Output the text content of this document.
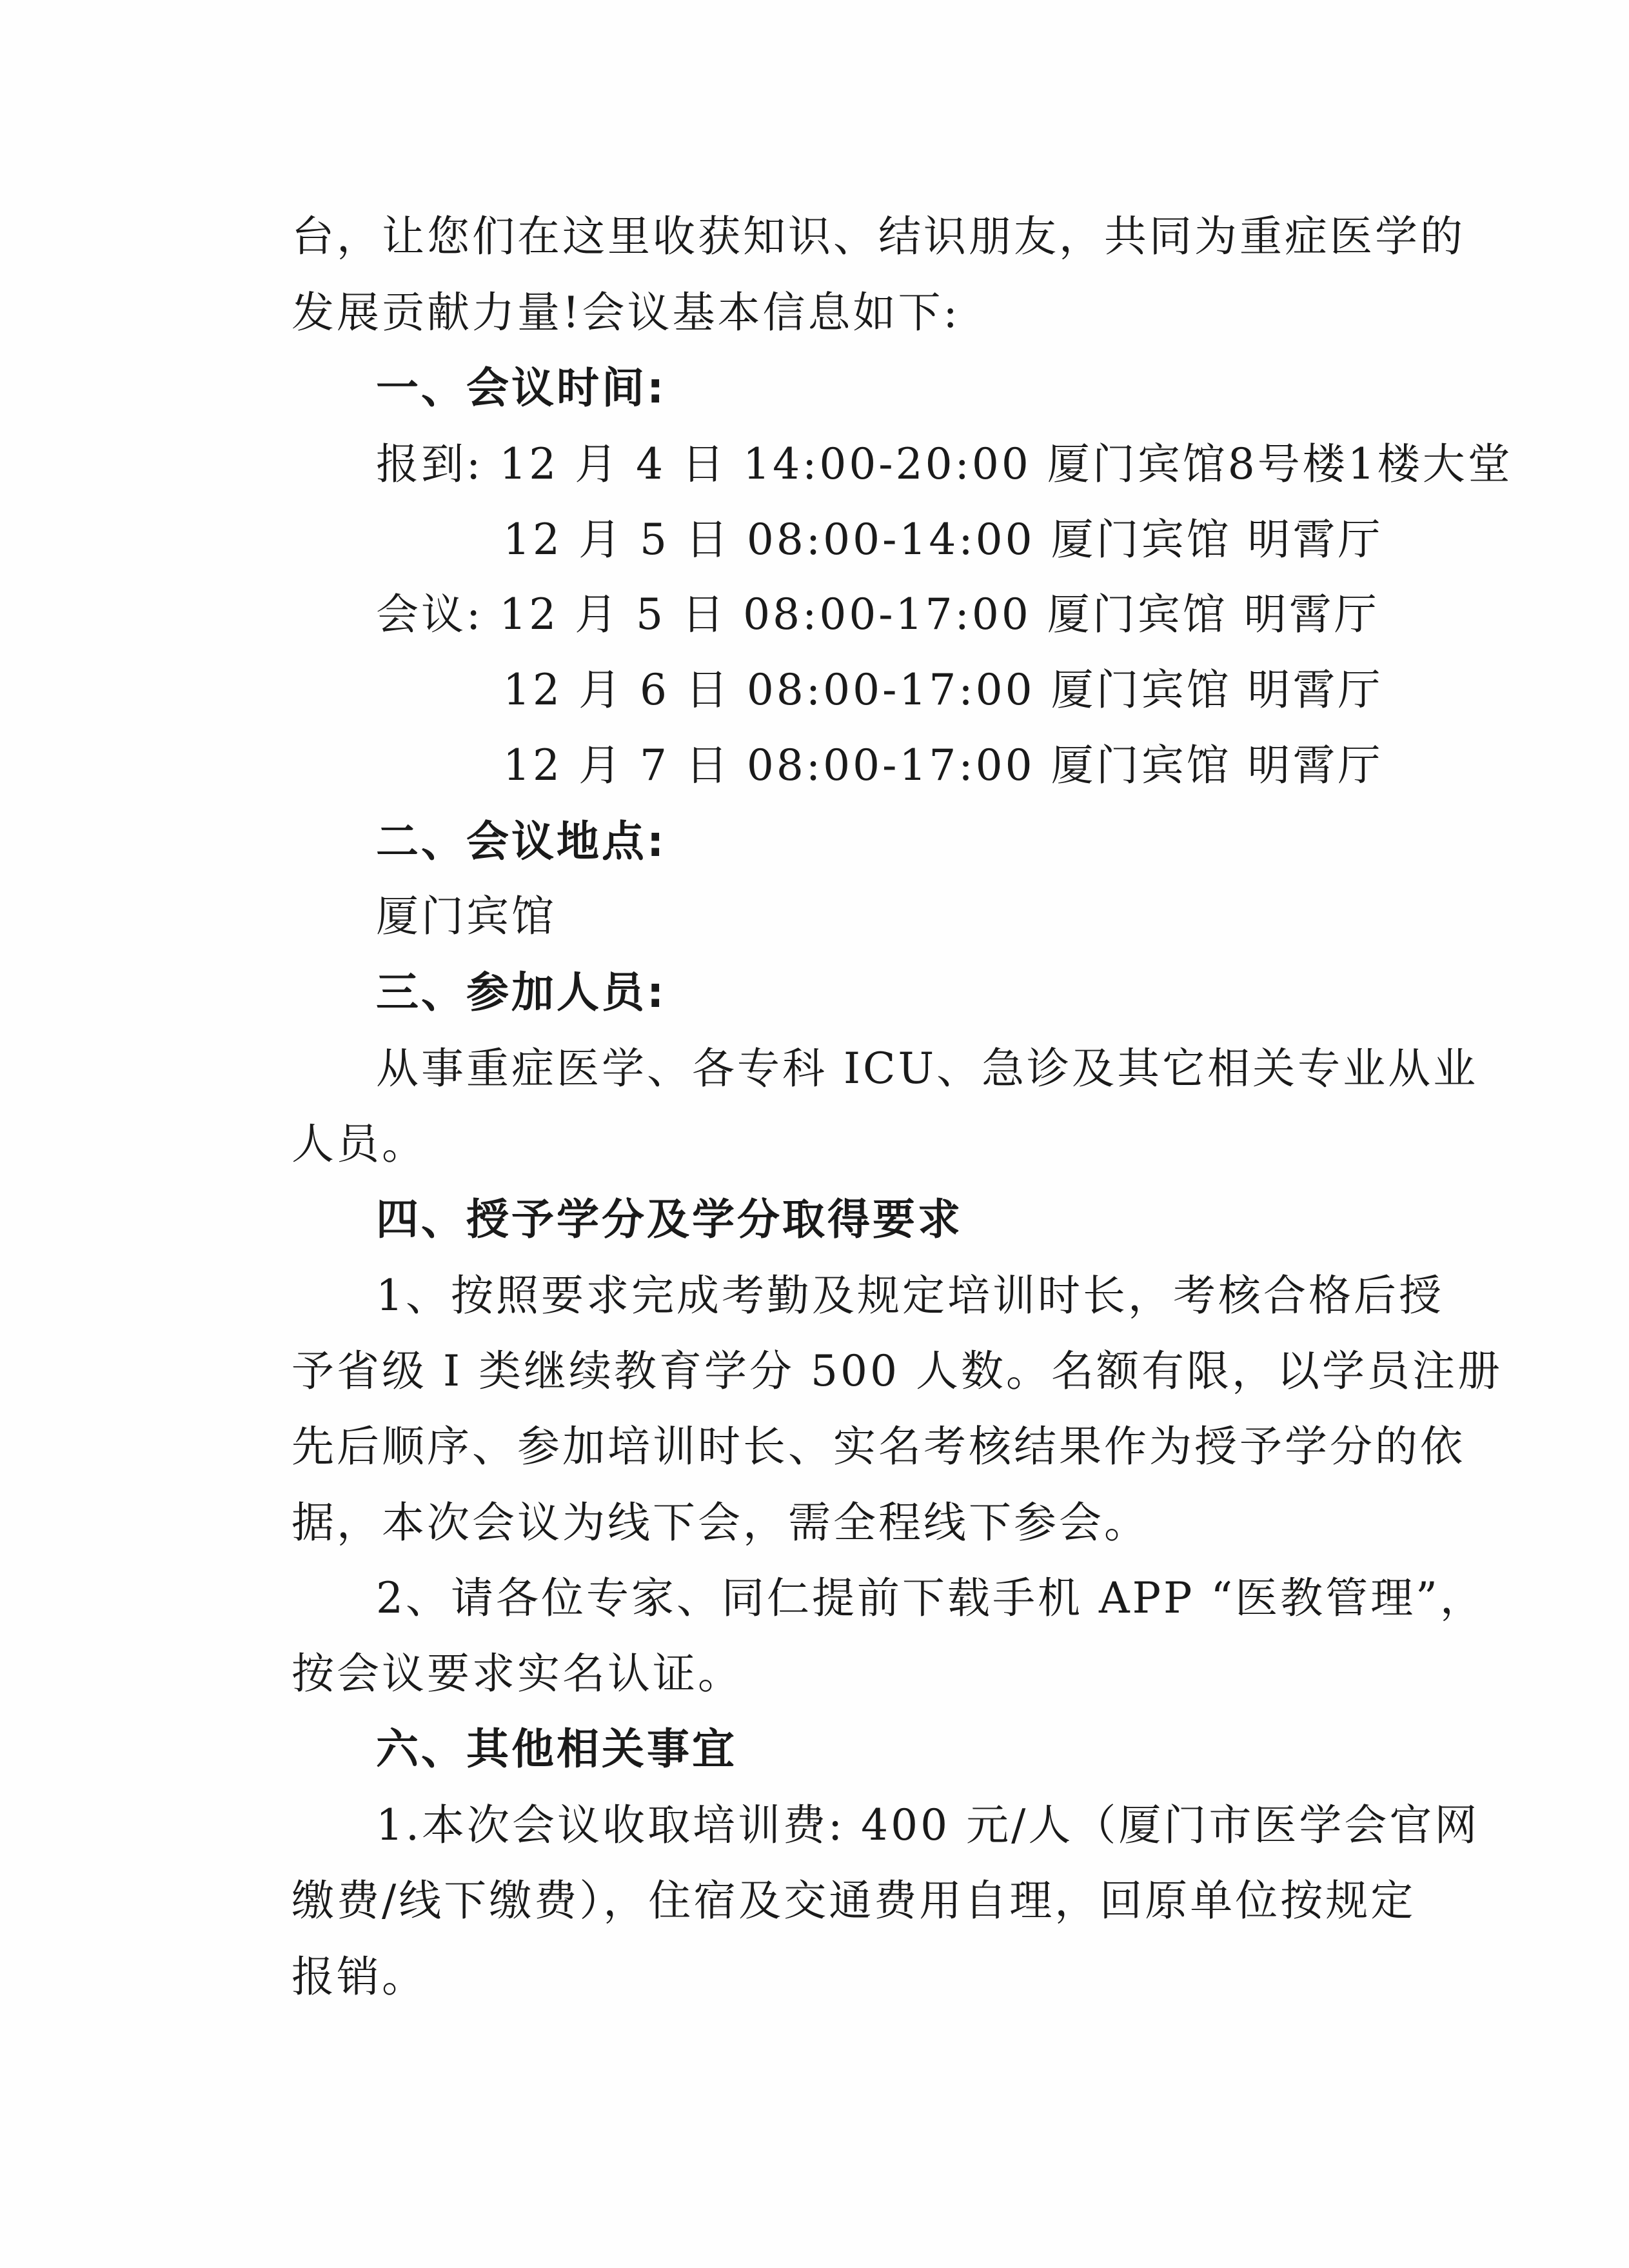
台，让您们在这里收获知识、结识朋友，共同为重症医学的
发展贡献力量!会议基本信息如下:
一、会议时间:
报到: 12 月 4 日 14:00-20:00 厦门宾馆8号楼1楼大堂
12 月 5 日 08:00-14:00 厦门宾馆 明霄厅
会议: 12 月 5 日 08:00-17:00 厦门宾馆 明霄厅
12 月 6 日 08:00-17:00 厦门宾馆 明霄厅
12 月 7 日 08:00-17:00 厦门宾馆 明霄厅
二、会议地点:
厦门宾馆
三、参加人员:
从事重症医学、各专科 ICU、急诊及其它相关专业从业
人员。
四、授予学分及学分取得要求
1、按照要求完成考勤及规定培训时长，考核合格后授
予省级 I 类继续教育学分 500 人数。名额有限，以学员注册
先后顺序、参加培训时长、实名考核结果作为授予学分的依
据，本次会议为线下会，需全程线下参会。
2、请各位专家、同仁提前下载手机 APP “医教管理”，
按会议要求实名认证。
六、其他相关事宜
1.本次会议收取培训费: 400 元/人（厦门市医学会官网
缴费/线下缴费），住宿及交通费用自理，回原单位按规定
报销。
